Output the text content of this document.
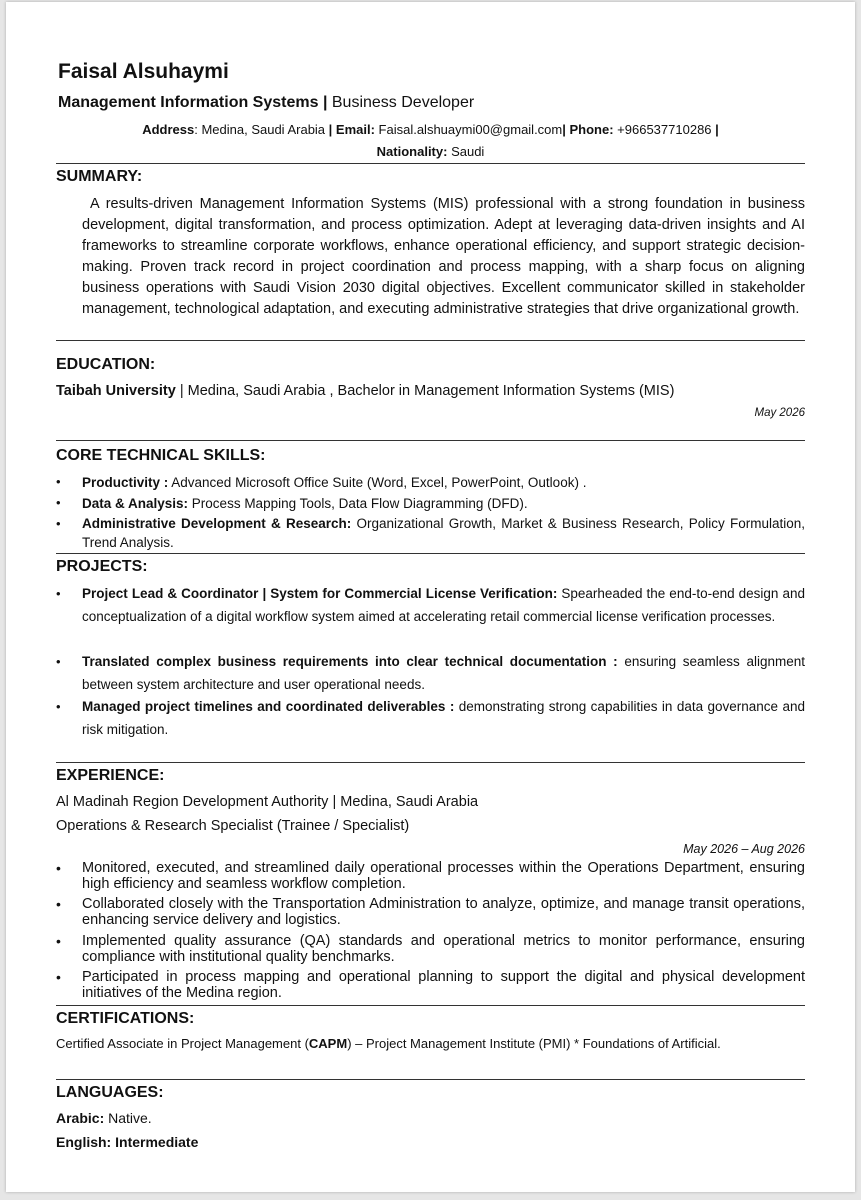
Faisal Alsuhaymi
Management Information Systems | Business Developer
Address: Medina, Saudi Arabia | Email: Faisal.alshuaymi00@gmail.com| Phone: +966537710286 |
Nationality: Saudi
SUMMARY:
A results-driven Management Information Systems (MIS) professional with a strong foundation in business development, digital transformation, and process optimization. Adept at leveraging data-driven insights and AI frameworks to streamline corporate workflows, enhance operational efficiency, and support strategic decision-making. Proven track record in project coordination and process mapping, with a sharp focus on aligning business operations with Saudi Vision 2030 digital objectives. Excellent communicator skilled in stakeholder management, technological adaptation, and executing administrative strategies that drive organizational growth.
EDUCATION:
Taibah University | Medina, Saudi Arabia , Bachelor in Management Information Systems (MIS)
May 2026
CORE TECHNICAL SKILLS:
• Productivity : Advanced Microsoft Office Suite (Word, Excel, PowerPoint, Outlook) .
• Data & Analysis: Process Mapping Tools, Data Flow Diagramming (DFD).
• Administrative Development & Research: Organizational Growth, Market & Business Research, Policy Formulation, Trend Analysis.
PROJECTS:
• Project Lead & Coordinator | System for Commercial License Verification: Spearheaded the end-to-end design and conceptualization of a digital workflow system aimed at accelerating retail commercial license verification processes.
• Translated complex business requirements into clear technical documentation : ensuring seamless alignment between system architecture and user operational needs.
• Managed project timelines and coordinated deliverables : demonstrating strong capabilities in data governance and risk mitigation.
EXPERIENCE:
Al Madinah Region Development Authority | Medina, Saudi Arabia
Operations & Research Specialist (Trainee / Specialist)
May 2026 – Aug 2026
• Monitored, executed, and streamlined daily operational processes within the Operations Department, ensuring high efficiency and seamless workflow completion.
• Collaborated closely with the Transportation Administration to analyze, optimize, and manage transit operations, enhancing service delivery and logistics.
• Implemented quality assurance (QA) standards and operational metrics to monitor performance, ensuring compliance with institutional quality benchmarks.
• Participated in process mapping and operational planning to support the digital and physical development initiatives of the Medina region.
CERTIFICATIONS:
Certified Associate in Project Management (CAPM) – Project Management Institute (PMI) * Foundations of Artificial.
LANGUAGES:
Arabic: Native.
English: Intermediate
